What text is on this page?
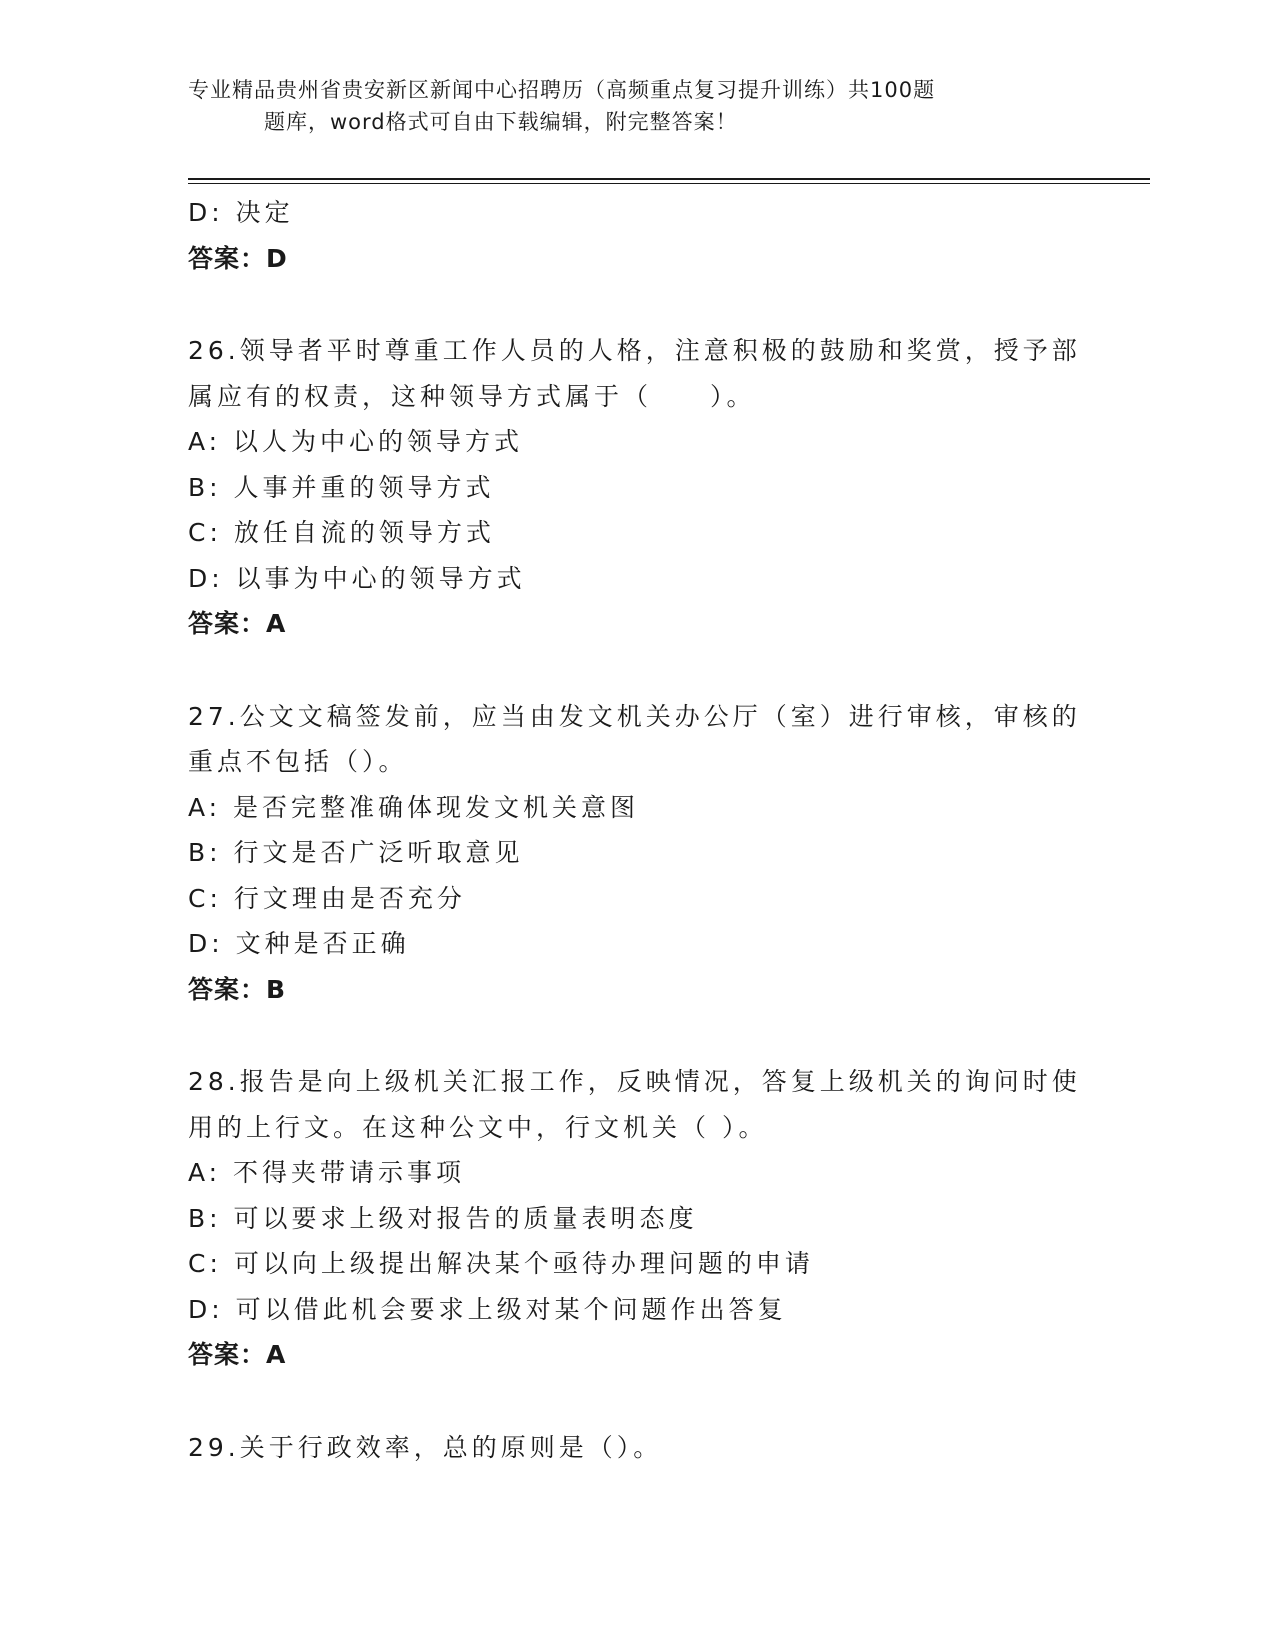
专业精品贵州省贵安新区新闻中心招聘历（高频重点复习提升训练）共100题
题库，word格式可自由下载编辑，附完整答案！
D: 决定
答案：D
26.领导者平时尊重工作人员的人格，注意积极的鼓励和奖赏，授予部属应有的权责，这种领导方式属于（　　）。
A: 以人为中心的领导方式
B: 人事并重的领导方式
C: 放任自流的领导方式
D: 以事为中心的领导方式
答案：A
27.公文文稿签发前，应当由发文机关办公厅（室）进行审核，审核的重点不包括（）。
A: 是否完整准确体现发文机关意图
B: 行文是否广泛听取意见
C: 行文理由是否充分
D: 文种是否正确
答案：B
28.报告是向上级机关汇报工作，反映情况，答复上级机关的询问时使用的上行文。在这种公文中，行文机关（ ）。
A: 不得夹带请示事项
B: 可以要求上级对报告的质量表明态度
C: 可以向上级提出解决某个亟待办理问题的申请
D: 可以借此机会要求上级对某个问题作出答复
答案：A
29.关于行政效率，总的原则是（）。
